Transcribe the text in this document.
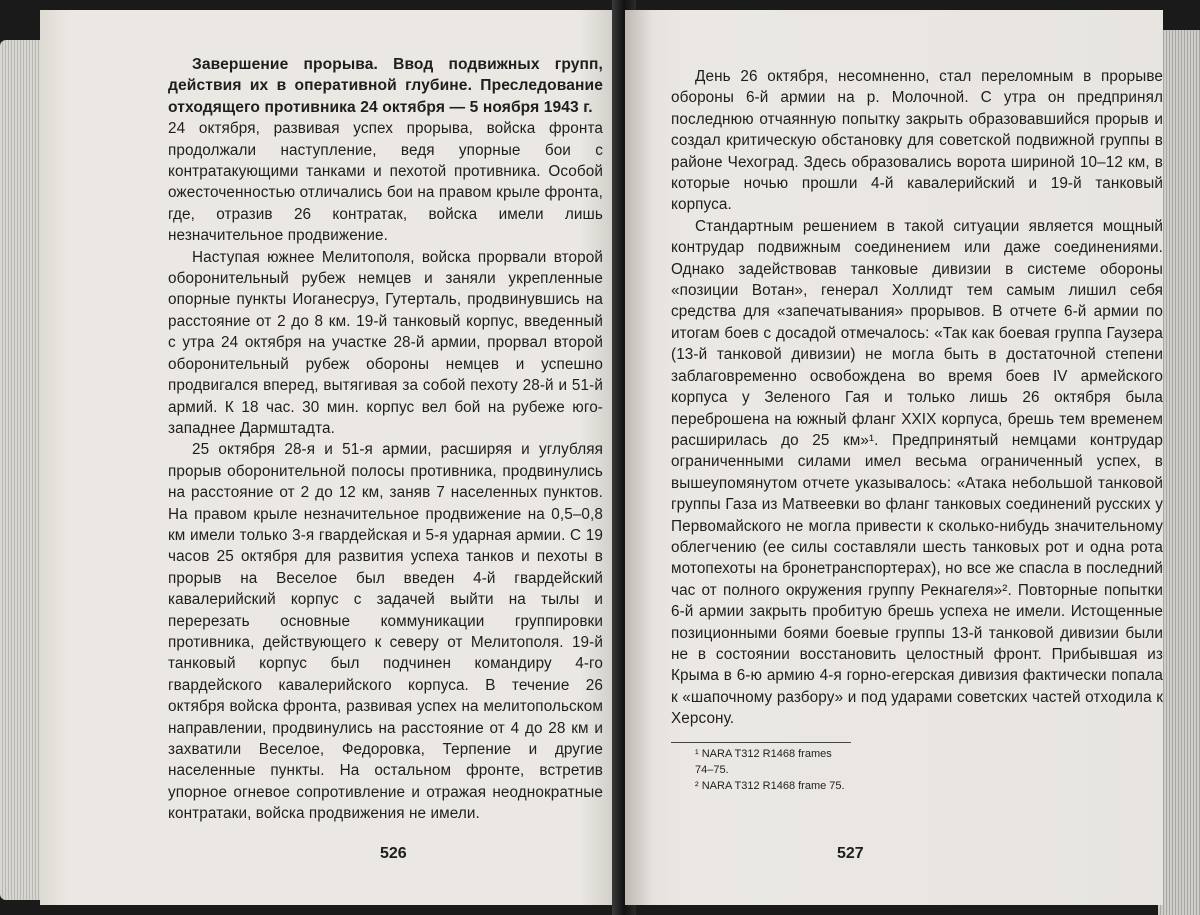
Завершение прорыва. Ввод подвижных групп, действия их в оперативной глубине. Преследование отходящего противника 24 октября — 5 ноября 1943 г.

24 октября, развивая успех прорыва, войска фронта продолжали наступление, ведя упорные бои с контратакующими танками и пехотой противника. Особой ожесточенностью отличались бои на правом крыле фронта, где, отразив 26 контратак, войска имели лишь незначительное продвижение.

Наступая южнее Мелитополя, войска прорвали второй оборонительный рубеж немцев и заняли укрепленные опорные пункты Иоганесруэ, Гутерталь, продвинувшись на расстояние от 2 до 8 км. 19-й танковый корпус, введенный с утра 24 октября на участке 28-й армии, прорвал второй оборонительный рубеж обороны немцев и успешно продвигался вперед, вытягивая за собой пехоту 28-й и 51-й армий. К 18 час. 30 мин. корпус вел бой на рубеже юго-западнее Дармштадта.

25 октября 28-я и 51-я армии, расширяя и углубляя прорыв оборонительной полосы противника, продвинулись на расстояние от 2 до 12 км, заняв 7 населенных пунктов. На правом крыле незначительное продвижение на 0,5–0,8 км имели только 3-я гвардейская и 5-я ударная армии. С 19 часов 25 октября для развития успеха танков и пехоты в прорыв на Веселое был введен 4-й гвардейский кавалерийский корпус с задачей выйти на тылы и перерезать основные коммуникации группировки противника, действующего к северу от Мелитополя. 19-й танковый корпус был подчинен командиру 4-го гвардейского кавалерийского корпуса. В течение 26 октября войска фронта, развивая успех на мелитопольском направлении, продвинулись на расстояние от 4 до 28 км и захватили Веселое, Федоровка, Терпение и другие населенные пункты. На остальном фронте, встретив упорное огневое сопротивление и отражая неоднократные контратаки, войска продвижения не имели.

526

День 26 октября, несомненно, стал переломным в прорыве обороны 6-й армии на р. Молочной. С утра он предпринял последнюю отчаянную попытку закрыть образовавшийся прорыв и создал критическую обстановку для советской подвижной группы в районе Чехоград. Здесь образовались ворота шириной 10–12 км, в которые ночью прошли 4-й кавалерийский и 19-й танковый корпуса.

Стандартным решением в такой ситуации является мощный контрудар подвижным соединением или даже соединениями. Однако задействовав танковые дивизии в системе обороны «позиции Вотан», генерал Холлидт тем самым лишил себя средства для «запечатывания» прорывов. В отчете 6-й армии по итогам боев с досадой отмечалось: «Так как боевая группа Гаузера (13-й танковой дивизии) не могла быть в достаточной степени заблаговременно освобождена во время боев IV армейского корпуса у Зеленого Гая и только лишь 26 октября была переброшена на южный фланг XXIX корпуса, брешь тем временем расширилась до 25 км»¹. Предпринятый немцами контрудар ограниченными силами имел весьма ограниченный успех, в вышеупомянутом отчете указывалось: «Атака небольшой танковой группы Газа из Матвеевки во фланг танковых соединений русских у Первомайского не могла привести к сколько-нибудь значительному облегчению (ее силы составляли шесть танковых рот и одна рота мотопехоты на бронетранспортерах), но все же спасла в последний час от полного окружения группу Рекнагеля»². Повторные попытки 6-й армии закрыть пробитую брешь успеха не имели. Истощенные позиционными боями боевые группы 13-й танковой дивизии были не в состоянии восстановить целостный фронт. Прибывшая из Крыма в 6-ю армию 4-я горно-егерская дивизия фактически попала к «шапочному разбору» и под ударами советских частей отходила к Херсону.

¹ NARA T312 R1468 frames 74–75.

² NARA T312 R1468 frame 75.

527
